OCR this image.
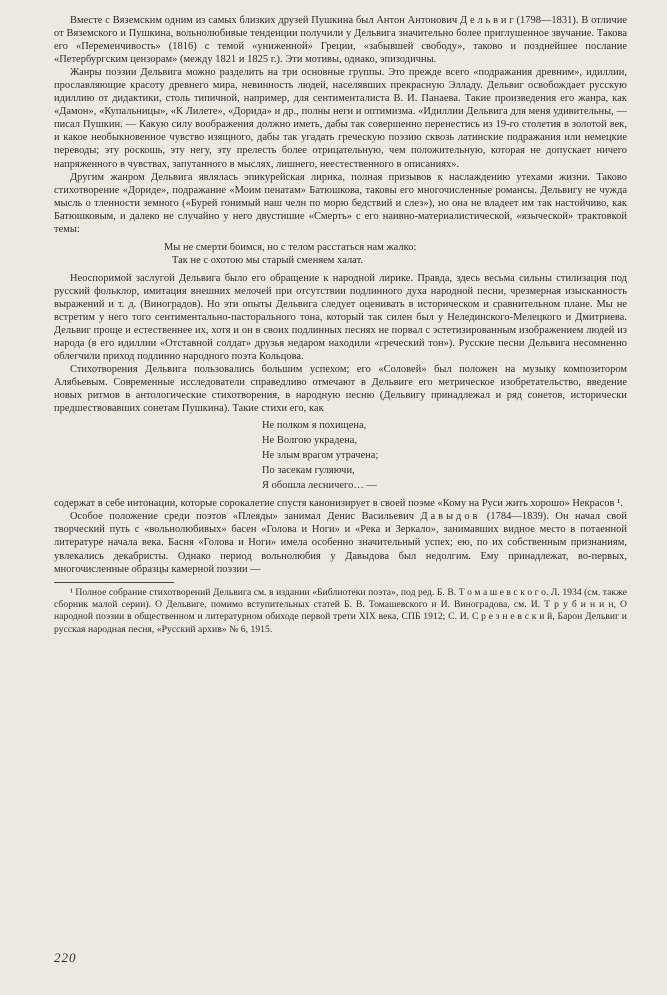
Вместе с Вяземским одним из самых близких друзей Пушкина был Антон Антонович Д е л ь в и г (1798—1831). В отличие от Вяземского и Пушкина, вольнолюбивые тенденции получили у Дельвига значительно более приглушенное звучание. Такова его «Переменчивость» (1816) с темой «униженной» Греции, «забывшей свободу», таково и позднейшее послание «Петербургским цензорам» (между 1821 и 1825 г.). Эти мотивы, однако, эпизодичны.

Жанры поэзии Дельвига можно разделить на три основные группы. Это прежде всего «подражания древним», идиллии, прославляющие красоту древнего мира, невинность людей, населявших прекрасную Элладу. Дельвиг освобождает русскую идиллию от дидактики, столь типичной, например, для сентименталиста В. И. Панаева. Такие произведения его жанра, как «Дамон», «Купальницы», «К Лилете», «Дорида» и др., полны неги и оптимизма. «Идиллии Дельвига для меня удивительны, — писал Пушкин. — Какую силу воображения должно иметь, дабы так совершенно перенестись из 19-го столетия в золотой век, и какое необыкновенное чувство изящного, дабы так угадать греческую поэзию сквозь латинские подражания или немецкие переводы; эту роскошь, эту негу, эту прелесть более отрицательную, чем положительную, которая не допускает ничего напряженного в чувствах, запутанного в мыслях, лишнего, неестественного в описаниях».

Другим жанром Дельвига являлась эпикурейская лирика, полная призывов к наслаждению утехами жизни. Таково стихотворение «Дориде», подражание «Моим пенатам» Батюшкова, таковы его многочисленные романсы. Дельвигу не чужда мысль о тленности земного («Бурей гонимый наш челн по морю бедствий и слез»), но она не владеет им так настойчиво, как Батюшковым, и далеко не случайно у него двустишие «Смерть» с его наивно-материалистической, «языческой» трактовкой темы:

Мы не смерти боимся, но с телом расстаться нам жалко:
Так не с охотою мы старый сменяем халат.

Неоспоримой заслугой Дельвига было его обращение к народной лирике. Правда, здесь весьма сильны стилизация под русский фольклор, имитация внешних мелочей при отсутствии подлинного духа народной песни, чрезмерная изысканность выражений и т. д. (Виноградов). Но эти опыты Дельвига следует оценивать в историческом и сравнительном плане. Мы не встретим у него того сентиментально-пасторального тона, который так силен был у Нелединского-Мелецкого и Дмитриева. Дельвиг проще и естественнее их, хотя и он в своих подлинных песнях не порвал с эстетизированным изображением людей из народа (в его идиллии «Отставной солдат» друзья недаром находили «греческий тон»). Русские песни Дельвига несомненно облегчили приход подлинно народного поэта Кольцова.

Стихотворения Дельвига пользовались большим успехом; его «Соловей» был положен на музыку композитором Алябьевым. Современные исследователи справедливо отмечают в Дельвиге его метрическое изобретательство, введение новых ритмов в антологические стихотворения, в народную песню (Дельвигу принадлежал и ряд сонетов, исторически предшествовавших сонетам Пушкина). Такие стихи его, как

Не полком я похищена,
Не Волгою украдена,
Не злым врагом утрачена;
По засекам гуляючи,
Я обошла лесничего… —

содержат в себе интонации, которые сорокалетие спустя канонизирует в своей поэме «Кому на Руси жить хорошо» Некрасов ¹.

Особое положение среди поэтов «Плеяды» занимал Денис Васильевич Давыдов (1784—1839). Он начал свой творческий путь с «вольнолюбивых» басен «Голова и Ноги» и «Река и Зеркало», занимавших видное место в потаенной литературе начала века. Басня «Голова и Ноги» имела особенно значительный успех; ею, по их собственным признаниям, увлекались декабристы. Однако период вольнолюбия у Давыдова был недолгим. Ему принадлежат, во-первых, многочисленные образцы камерной поэзии —

¹ Полное собрание стихотворений Дельвига см. в издании «Библиотеки поэта», под ред. Б. В. Т о м а ш е в с к о г о. Л. 1934 (см. также сборник малой серии). О Дельвиге, помимо вступительных статей Б. В. Томашевского и И. Виноградова, см. И. Т р у б и н и н, О народной поэзии в общественном и литературном обиходе первой трети XIX века, СПБ 1912; С. И. С р е з н е в с к и й, Барон Дельвиг и русская народная песня, «Русский архив» № 6, 1915.

220
